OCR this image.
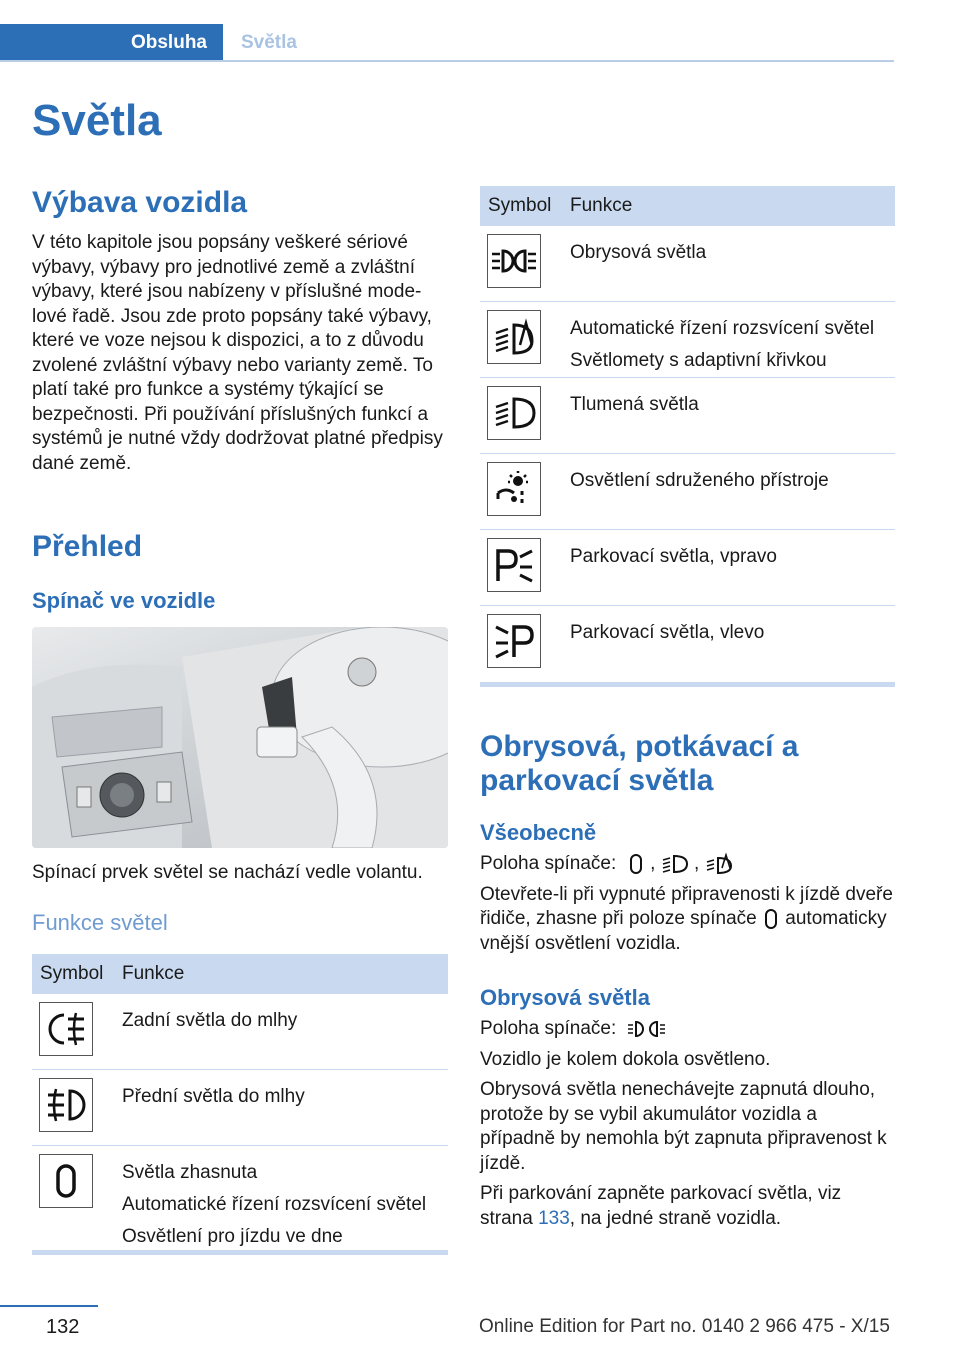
Obsluha Světla
Světla
Výbava vozidla
V této kapitole jsou popsány veškeré sériové výbavy, výbavy pro jednotlivé země a zvláštní výbavy, které jsou nabízeny v příslušné modelové řadě. Jsou zde proto popsány také výbavy, které ve voze nejsou k dispozici, a to z důvodu zvolené zvláštní výbavy nebo varianty země. To platí také pro funkce a systémy týkající se bezpečnosti. Při používání příslušných funkcí a systémů je nutné vždy dodržovat platné předpisy dané země.
Přehled
Spínač ve vozidle
Spínací prvek světel se nachází vedle volantu.
Funkce světel
Symbol Funkce
Zadní světla do mlhy
Přední světla do mlhy
Světla zhasnuta
Automatické řízení rozsvícení světel
Osvětlení pro jízdu ve dne
Symbol Funkce
Obrysová světla
Automatické řízení rozsvícení světel
Světlomety s adaptivní křivkou
Tlumená světla
Osvětlení sdruženého přístroje
Parkovací světla, vpravo
Parkovací světla, vlevo
Obrysová, potkávací a parkovací světla
Všeobecně

Poloha spínače:   ,  ,

Otevřete-li při vypnuté připravenosti k jízdě dveře řidiče, zhasne při poloze spínače automaticky vnější osvětlení vozidla.

Obrysová světla

Poloha spínače:

Vozidlo je kolem dokola osvětleno.

Obrysová světla nenechávejte zapnutá dlouho, protože by se vybil akumulátor vozidla a případně by nemohla být zapnuta připravenost k jízdě.

Při parkování zapněte parkovací světla, viz strana 133, na jedné straně vozidla.

132	Online Edition for Part no. 0140 2 966 475 - X/15
